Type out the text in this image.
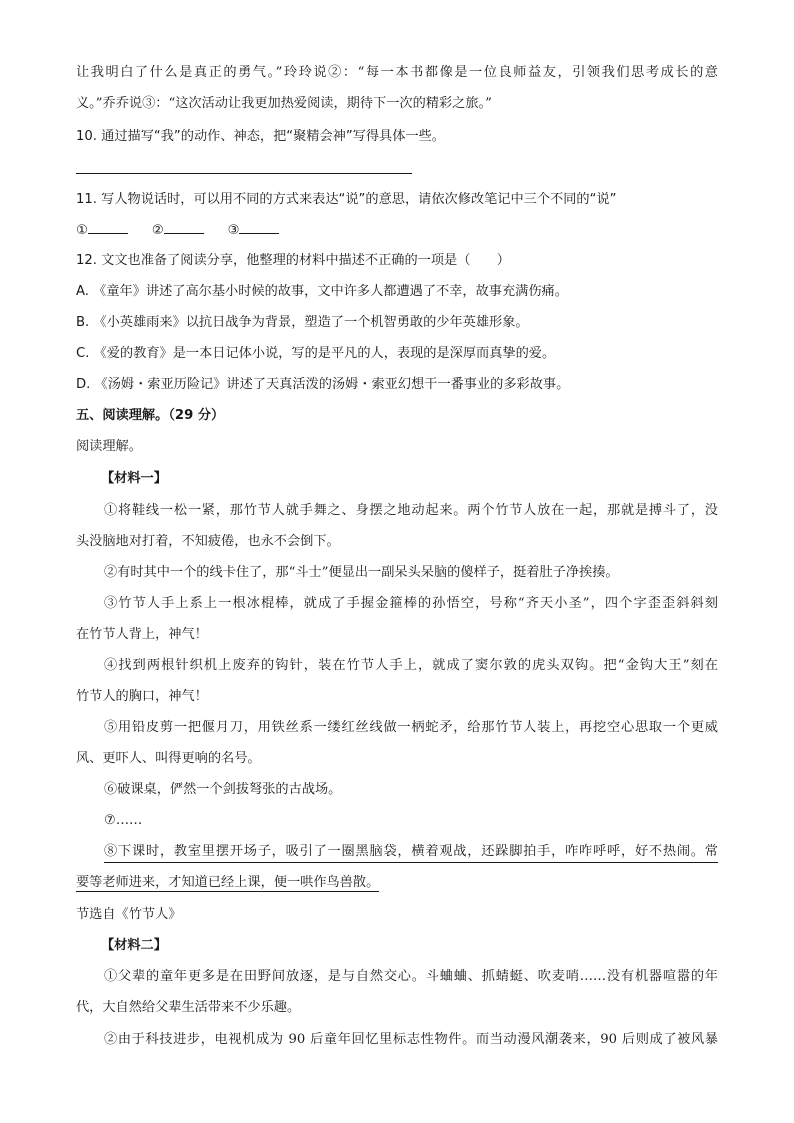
让我明白了什么是真正的勇气。”玲玲说②：“每一本书都像是一位良师益友，引领我们思考成长的意
义。”乔乔说③：“这次活动让我更加热爱阅读，期待下一次的精彩之旅。”
10. 通过描写“我”的动作、神态，把“聚精会神”写得具体一些。
11. 写人物说话时，可以用不同的方式来表达“说”的意思，请依次修改笔记中三个不同的“说”
①	②	③
12. 文文也准备了阅读分享，他整理的材料中描述不正确的一项是（　　）
A. 《童年》讲述了高尔基小时候的故事，文中许多人都遭遇了不幸，故事充满伤痛。
B. 《小英雄雨来》以抗日战争为背景，塑造了一个机智勇敢的少年英雄形象。
C. 《爱的教育》是一本日记体小说，写的是平凡的人，表现的是深厚而真挚的爱。
D. 《汤姆・索亚历险记》讲述了天真活泼的汤姆・索亚幻想干一番事业的多彩故事。
五、阅读理解。（29 分）
阅读理解。
【材料一】
①将鞋线一松一紧，那竹节人就手舞之、身摆之地动起来。两个竹节人放在一起，那就是搏斗了，没
头没脑地对打着，不知疲倦，也永不会倒下。
②有时其中一个的线卡住了，那“斗士”便显出一副呆头呆脑的傻样子，挺着肚子净挨揍。
③竹节人手上系上一根冰棍棒，就成了手握金箍棒的孙悟空，号称“齐天小圣”，四个字歪歪斜斜刻
在竹节人背上，神气！
④找到两根针织机上废弃的钩针，装在竹节人手上，就成了窦尔敦的虎头双钩。把“金钩大王”刻在
竹节人的胸口，神气！
⑤用铅皮剪一把偃月刀，用铁丝系一缕红丝线做一柄蛇矛，给那竹节人装上，再挖空心思取一个更威
风、更吓人、叫得更响的名号。
⑥破课桌，俨然一个剑拔弩张的古战场。
⑦……
⑧下课时，教室里摆开场子，吸引了一圈黑脑袋，横着观战，还跺脚拍手，咋咋呼呼，好不热闹。常
要等老师进来，才知道已经上课，便一哄作鸟兽散。
节选自《竹节人》
【材料二】
①父辈的童年更多是在田野间放逐，是与自然交心。斗蛐蛐、抓蜻蜓、吹麦哨……没有机器喧嚣的年
代，大自然给父辈生活带来不少乐趣。
②由于科技进步，电视机成为 90 后童年回忆里标志性物件。而当动漫风潮袭来，90 后则成了被风暴
